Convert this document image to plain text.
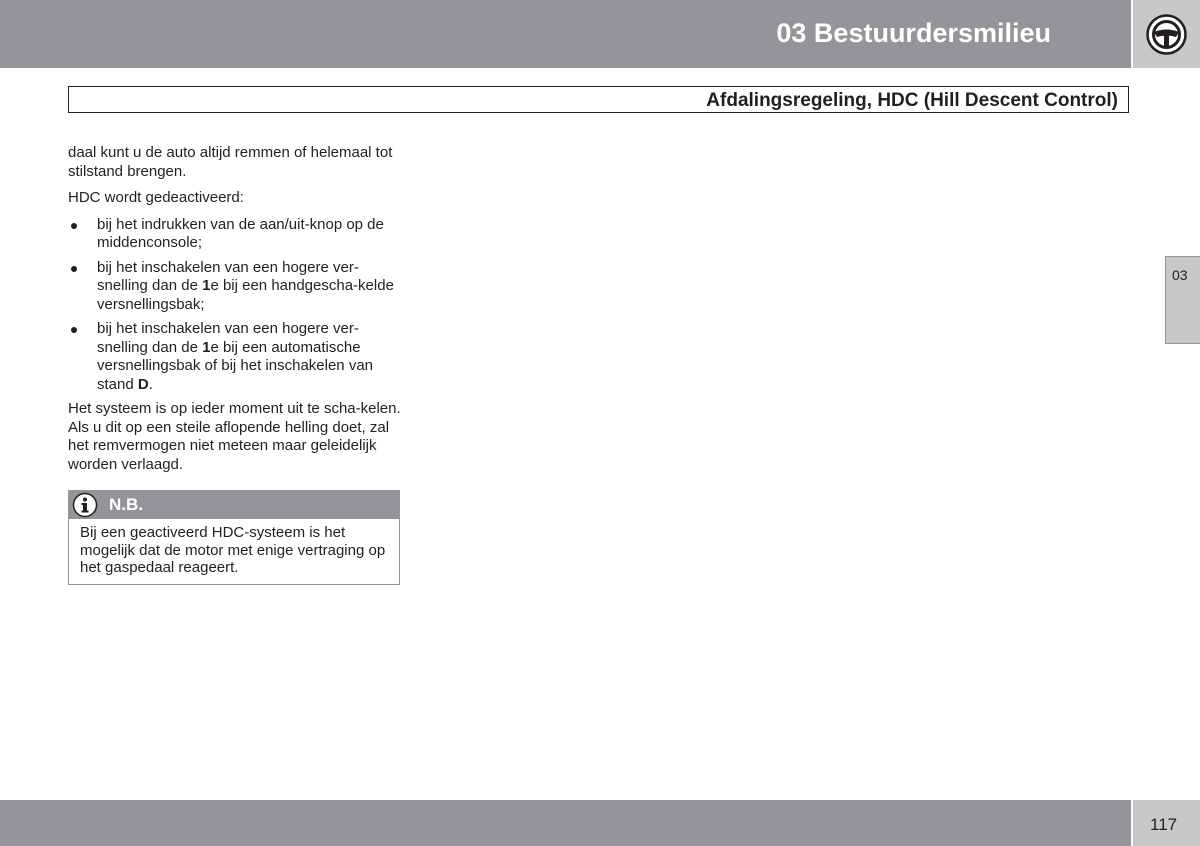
03 Bestuurdersmilieu
Afdalingsregeling, HDC (Hill Descent Control)
03

daal kunt u de auto altijd remmen of helemaal tot stilstand brengen.

HDC wordt gedeactiveerd:

bij het indrukken van de aan/uit-knop op de middenconsole;
bij het inschakelen van een hogere ver-snelling dan de 1e bij een handgescha-kelde versnellingsbak;
bij het inschakelen van een hogere ver-snelling dan de 1e bij een automatische versnellingsbak of bij het inschakelen van stand D.

Het systeem is op ieder moment uit te scha-kelen. Als u dit op een steile aflopende helling doet, zal het remvermogen niet meteen maar geleidelijk worden verlaagd.

N.B.
Bij een geactiveerd HDC-systeem is het mogelijk dat de motor met enige vertraging op het gaspedaal reageert.
117
